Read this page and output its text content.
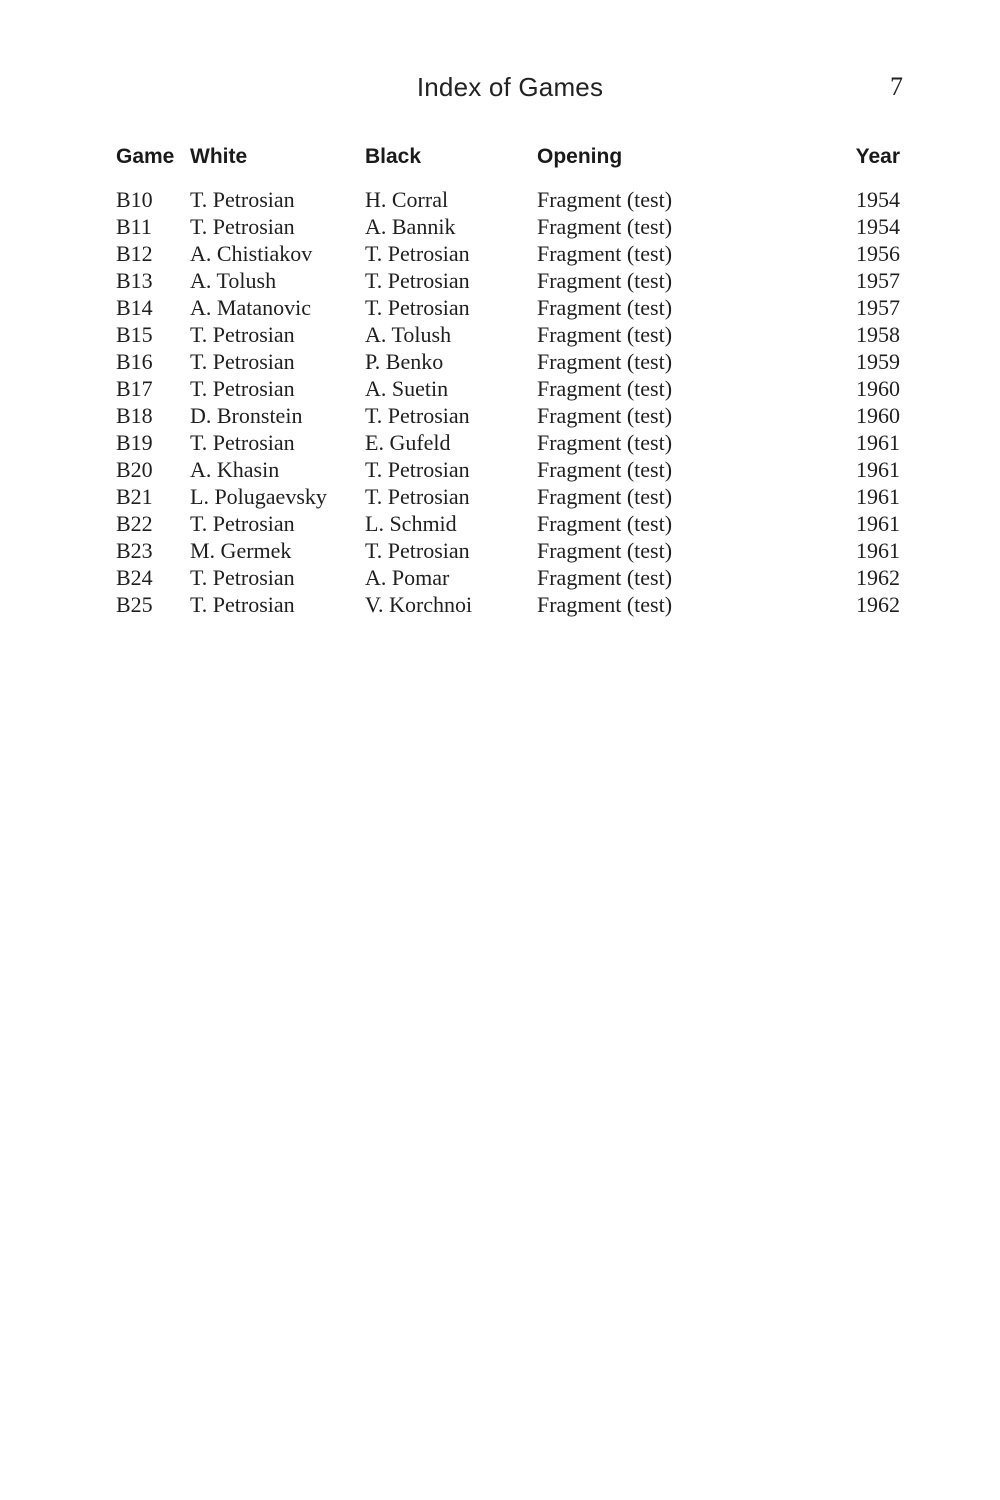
Index of Games	7
Game	White	Black	Opening	Year
B10	T. Petrosian	H. Corral	Fragment (test)	1954
B11	T. Petrosian	A. Bannik	Fragment (test)	1954
B12	A. Chistiakov	T. Petrosian	Fragment (test)	1956
B13	A. Tolush	T. Petrosian	Fragment (test)	1957
B14	A. Matanovic	T. Petrosian	Fragment (test)	1957
B15	T. Petrosian	A. Tolush	Fragment (test)	1958
B16	T. Petrosian	P. Benko	Fragment (test)	1959
B17	T. Petrosian	A. Suetin	Fragment (test)	1960
B18	D. Bronstein	T. Petrosian	Fragment (test)	1960
B19	T. Petrosian	E. Gufeld	Fragment (test)	1961
B20	A. Khasin	T. Petrosian	Fragment (test)	1961
B21	L. Polugaevsky	T. Petrosian	Fragment (test)	1961
B22	T. Petrosian	L. Schmid	Fragment (test)	1961
B23	M. Germek	T. Petrosian	Fragment (test)	1961
B24	T. Petrosian	A. Pomar	Fragment (test)	1962
B25	T. Petrosian	V. Korchnoi	Fragment (test)	1962
